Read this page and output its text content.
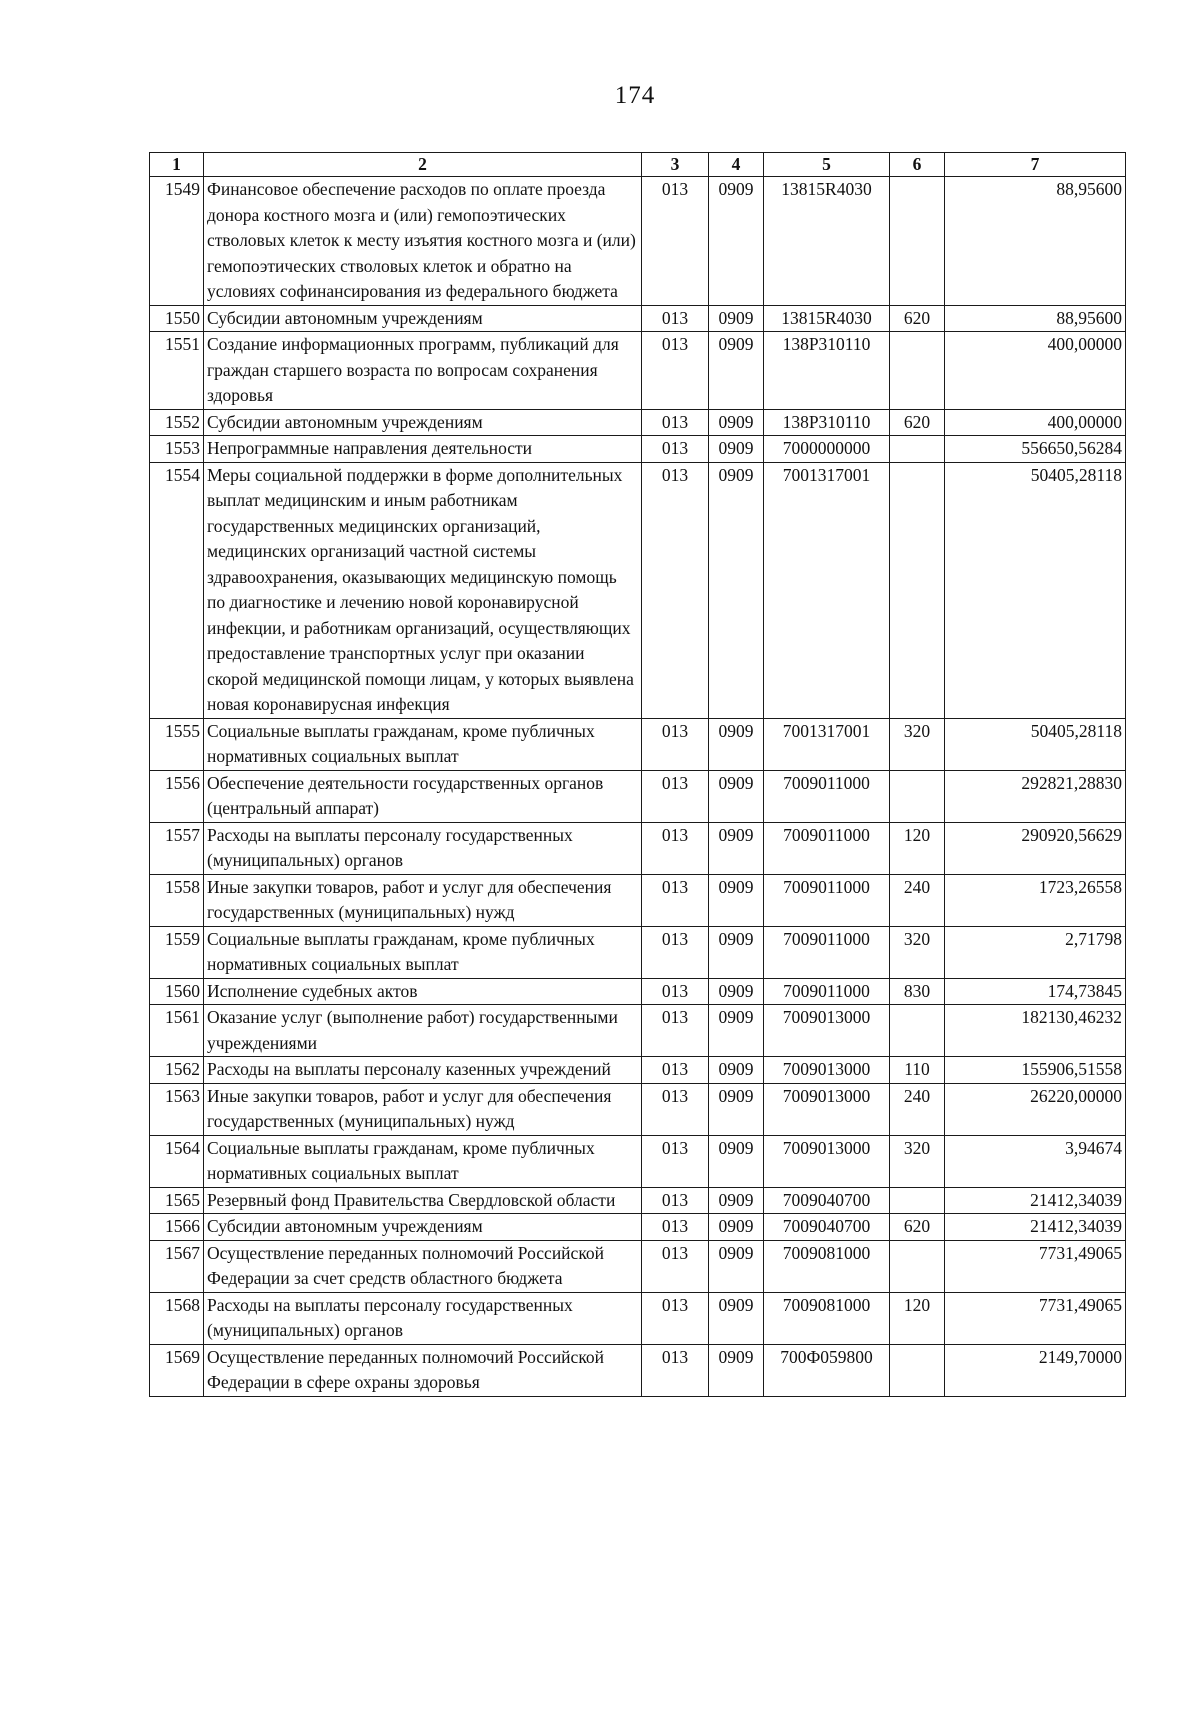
174
1	2	3	4	5	6	7
1549	Финансовое обеспечение расходов по оплате проезда донора костного мозга и (или) гемопоэтических стволовых клеток к месту изъятия костного мозга и (или) гемопоэтических стволовых клеток и обратно на условиях софинансирования из федерального бюджета	013	0909	13815R4030		88,95600
1550	Субсидии автономным учреждениям	013	0909	13815R4030	620	88,95600
1551	Создание информационных программ, публикаций для граждан старшего возраста по вопросам сохранения здоровья	013	0909	138P310110		400,00000
1552	Субсидии автономным учреждениям	013	0909	138P310110	620	400,00000
1553	Непрограммные направления деятельности	013	0909	7000000000		556650,56284
1554	Меры социальной поддержки в форме дополнительных выплат медицинским и иным работникам государственных медицинских организаций, медицинских организаций частной системы здравоохранения, оказывающих медицинскую помощь по диагностике и лечению новой коронавирусной инфекции, и работникам организаций, осуществляющих предоставление транспортных услуг при оказании скорой медицинской помощи лицам, у которых выявлена новая коронавирусная инфекция	013	0909	7001317001		50405,28118
1555	Социальные выплаты гражданам, кроме публичных нормативных социальных выплат	013	0909	7001317001	320	50405,28118
1556	Обеспечение деятельности государственных органов (центральный аппарат)	013	0909	7009011000		292821,28830
1557	Расходы на выплаты персоналу государственных (муниципальных) органов	013	0909	7009011000	120	290920,56629
1558	Иные закупки товаров, работ и услуг для обеспечения государственных (муниципальных) нужд	013	0909	7009011000	240	1723,26558
1559	Социальные выплаты гражданам, кроме публичных нормативных социальных выплат	013	0909	7009011000	320	2,71798
1560	Исполнение судебных актов	013	0909	7009011000	830	174,73845
1561	Оказание услуг (выполнение работ) государственными учреждениями	013	0909	7009013000		182130,46232
1562	Расходы на выплаты персоналу казенных учреждений	013	0909	7009013000	110	155906,51558
1563	Иные закупки товаров, работ и услуг для обеспечения государственных (муниципальных) нужд	013	0909	7009013000	240	26220,00000
1564	Социальные выплаты гражданам, кроме публичных нормативных социальных выплат	013	0909	7009013000	320	3,94674
1565	Резервный фонд Правительства Свердловской области	013	0909	7009040700		21412,34039
1566	Субсидии автономным учреждениям	013	0909	7009040700	620	21412,34039
1567	Осуществление переданных полномочий Российской Федерации за счет средств областного бюджета	013	0909	7009081000		7731,49065
1568	Расходы на выплаты персоналу государственных (муниципальных) органов	013	0909	7009081000	120	7731,49065
1569	Осуществление переданных полномочий Российской Федерации в сфере охраны здоровья	013	0909	700Ф059800		2149,70000
